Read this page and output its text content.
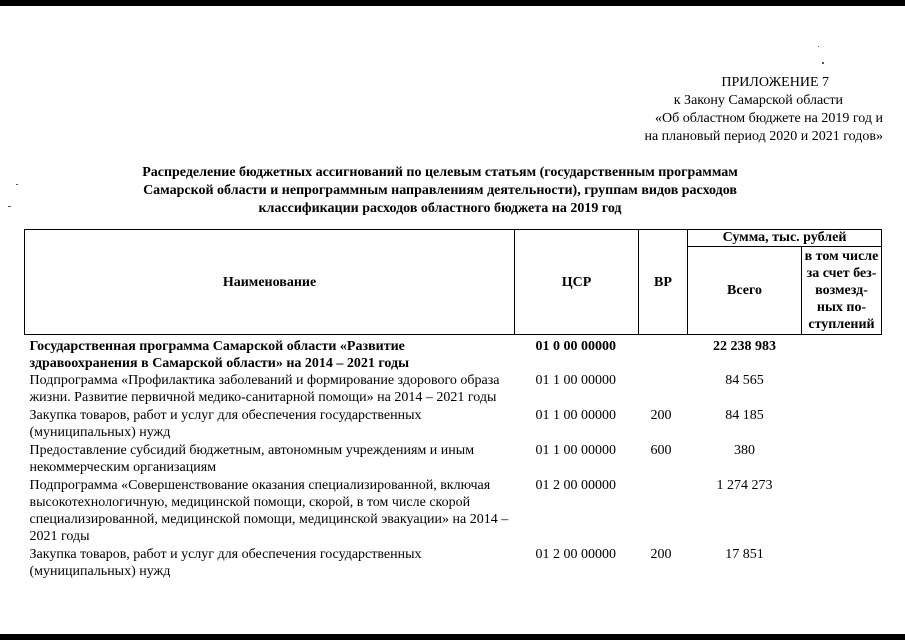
ПРИЛОЖЕНИЕ 7
к Закону Самарской области
«Об областном бюджете на 2019 год и
на плановый период 2020 и 2021 годов»
Распределение бюджетных ассигнований по целевым статьям (государственным программам
Самарской области и непрограммным направлениям деятельности), группам видов расходов
классификации расходов областного бюджета на 2019 год
Наименование	ЦСР	ВР	Сумма, тыс. рублей	
			Всего	в том числе
за счет без-
возмезд-
ных по-
ступлений

Государственная программа Самарской области «Развитие здравоохранения в Самарской области» на 2014 – 2021 годы	01 0 00 00000		22 238 983	
Подпрограмма «Профилактика заболеваний и формирование здорового образа жизни. Развитие первичной медико-санитарной помощи» на 2014 – 2021 годы	01 1 00 00000		84 565	
Закупка товаров, работ и услуг для обеспечения государственных (муниципальных) нужд	01 1 00 00000	200	84 185	
Предоставление субсидий бюджетным, автономным учреждениям и иным некоммерческим организациям	01 1 00 00000	600	380	
Подпрограмма «Совершенствование оказания специализированной, включая высокотехнологичную, медицинской помощи, скорой, в том числе скорой специализированной, медицинской помощи, медицинской эвакуации» на 2014 – 2021 годы	01 2 00 00000		1 274 273	
Закупка товаров, работ и услуг для обеспечения государственных (муниципальных) нужд	01 2 00 00000	200	17 851	
